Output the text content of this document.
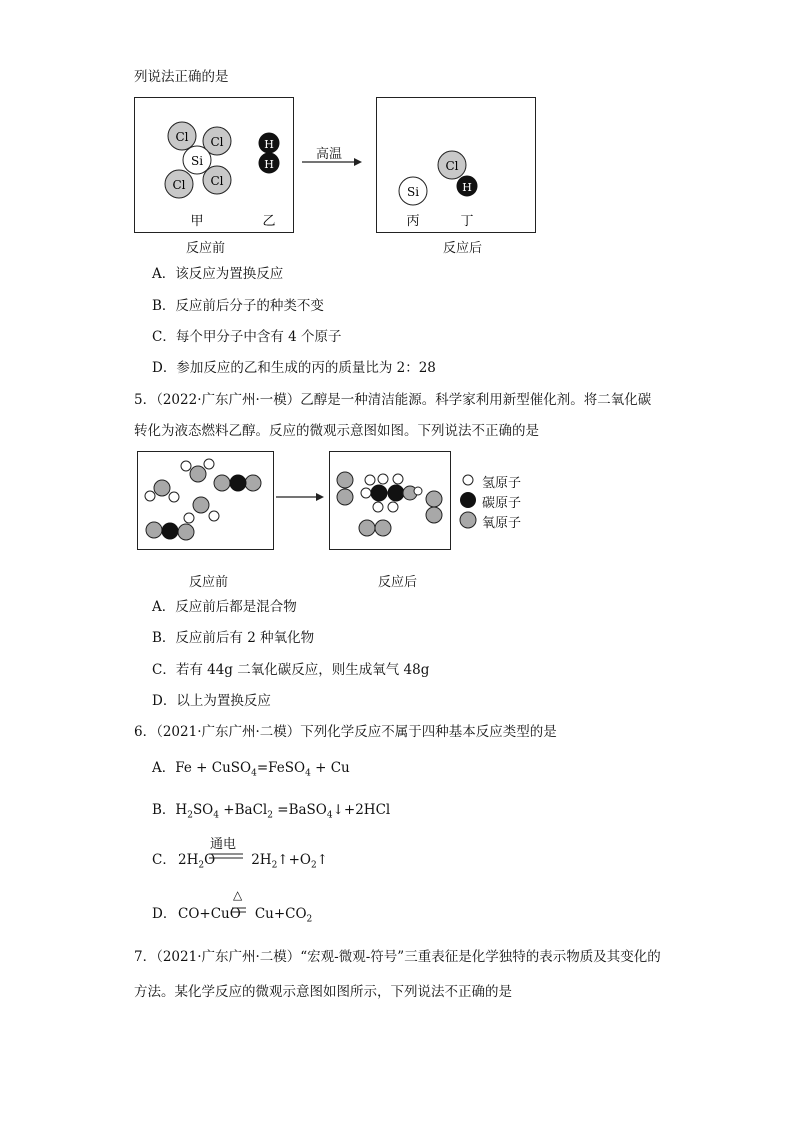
列说法正确的是
Cl Cl
Cl Cl
Si
H
H
甲	乙
反应前
高温
Si
Cl
H
丙	丁
反应后
A．该反应为置换反应
B．反应前后分子的种类不变
C．每个甲分子中含有 4 个原子
D．参加反应的乙和生成的丙的质量比为 2：28
5．（2022·广东广州·一模）乙醇是一种清洁能源。科学家利用新型催化剂。将二氧化碳
转化为液态燃料乙醇。反应的微观示意图如图。下列说法不正确的是
反应前	反应后
氢原子
碳原子
氧原子
A．反应前后都是混合物
B．反应前后有 2 种氧化物
C．若有 44g 二氧化碳反应，则生成氧气 48g
D．以上为置换反应
6．（2021·广东广州·二模）下列化学反应不属于四种基本反应类型的是
A．Fe + CuSO$_4$=FeSO$_4$ + Cu
B．$H_2SO_4$ +BaCl$_2$ =BaSO$_4$↓+2HCl
C． $2H_2O$	$2H_2↑+O_2↑$
通电
D． CO+CuO $Cu+CO_2$
△
7．（2021·广东广州·二模）“宏观-微观-符号”三重表征是化学独特的表示物质及其变化的
方法。某化学反应的微观示意图如图所示，下列说法不正确的是
